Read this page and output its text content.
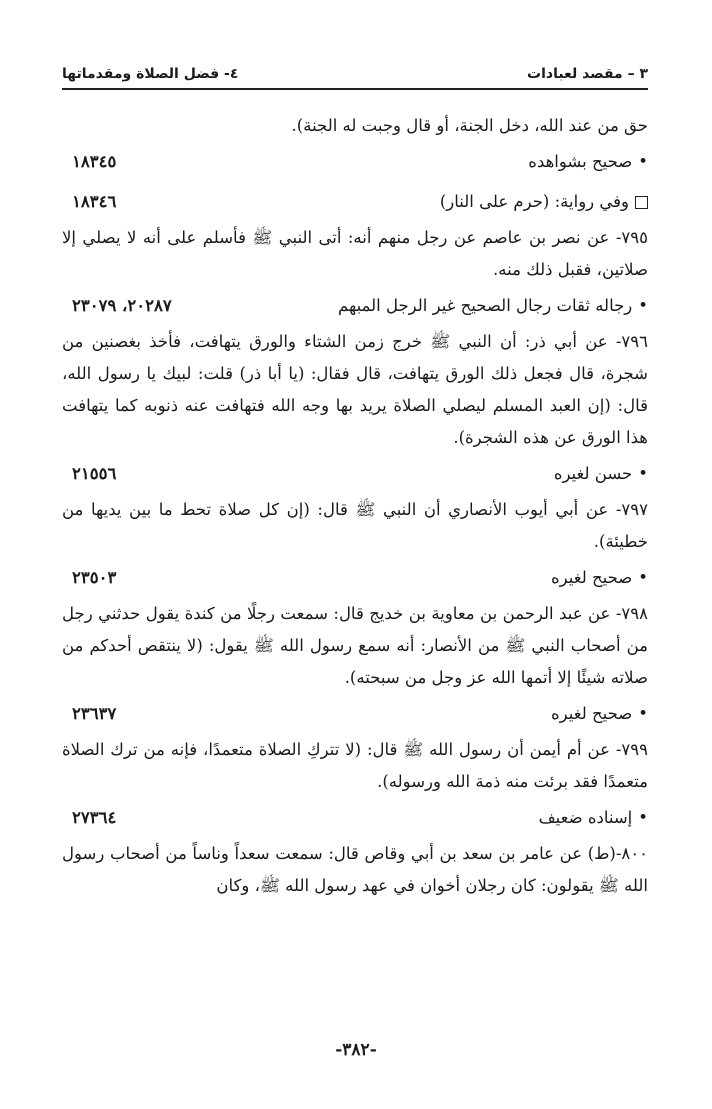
٣ – مقصد لعبادات
٤- فضل الصلاة ومقدماتها

حق من عند الله، دخل الجنة، أو قال وجبت له الجنة).

•صحيح بشواهده
١٨٣٤٥
وفي رواية: (حرم على النار)
١٨٣٤٦

٧٩٥- عن نصر بن عاصم عن رجل منهم أنه: أتى النبي ﷺ فأسلم على أنه لا يصلي إلا صلاتين، فقبل ذلك منه.

•رجاله ثقات رجال الصحيح غير الرجل المبهم
٢٠٢٨٧، ٢٣٠٧٩

٧٩٦- عن أبي ذر: أن النبي ﷺ خرج زمن الشتاء والورق يتهافت، فأخذ بغصنين من شجرة، قال فجعل ذلك الورق يتهافت، قال فقال: (يا أبا ذر) قلت: لبيك يا رسول الله، قال: (إن العبد المسلم ليصلي الصلاة يريد بها وجه الله فتهافت عنه ذنوبه كما يتهافت هذا الورق عن هذه الشجرة).

•حسن لغيره
٢١٥٥٦

٧٩٧- عن أبي أيوب الأنصاري أن النبي ﷺ قال: (إن كل صلاة تحط ما بين يديها من خطيئة).

•صحيح لغيره
٢٣٥٠٣

٧٩٨- عن عبد الرحمن بن معاوية بن خديج قال: سمعت رجلًا من كندة يقول حدثني رجل من أصحاب النبي ﷺ من الأنصار: أنه سمع رسول الله ﷺ يقول: (لا ينتقص أحدكم من صلاته شيئًا إلا أتمها الله عز وجل من سبحته).

•صحيح لغيره
٢٣٦٣٧

٧٩٩- عن أم أيمن أن رسول الله ﷺ قال: (لا تتركِ الصلاة متعمدًا، فإنه من ترك الصلاة متعمدًا فقد برئت منه ذمة الله ورسوله).

•إسناده ضعيف
٢٧٣٦٤

٨٠٠-(ط) عن عامر بن سعد بن أبي وقاص قال: سمعت سعداً وناساً من أصحاب رسول الله ﷺ يقولون: كان رجلان أخوان في عهد رسول الله ﷺ، وكان

-٣٨٢-
